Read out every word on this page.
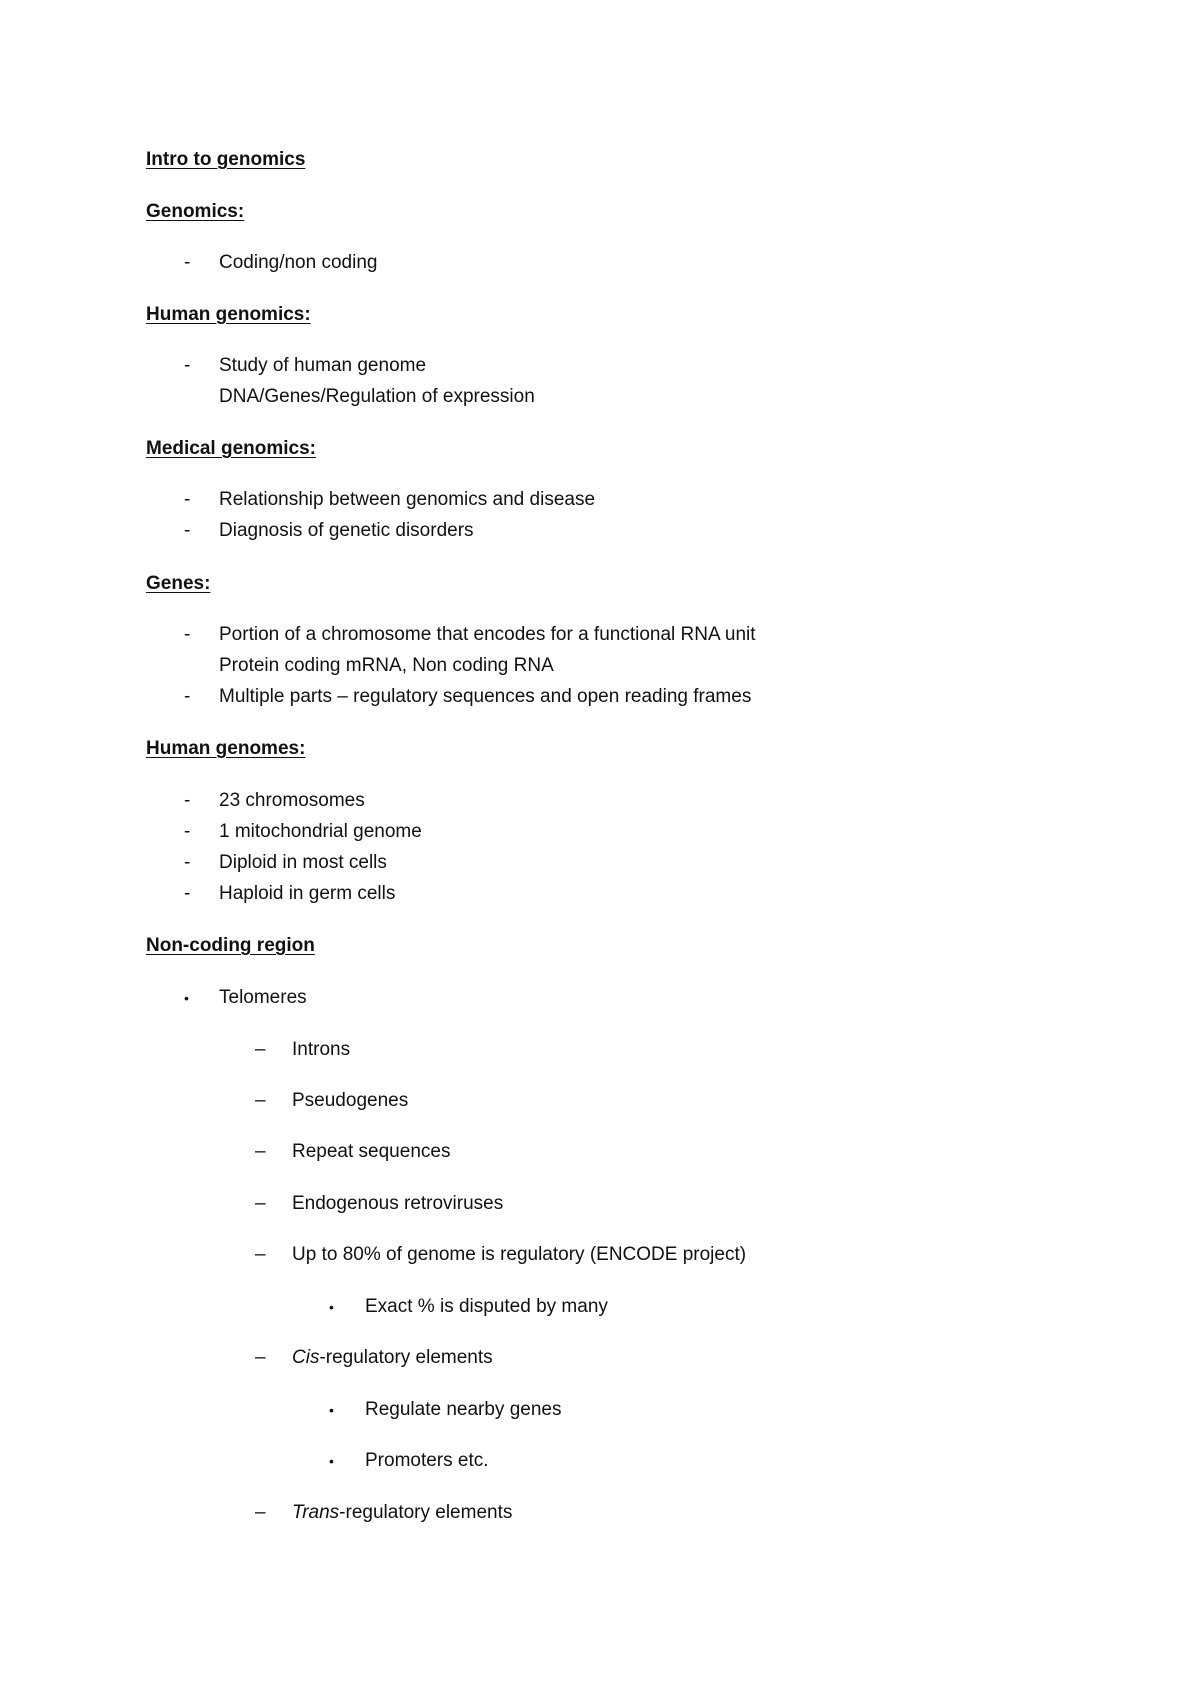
Intro to genomics
Genomics:
- Coding/non coding
Human genomics:
- Study of human genome
DNA/Genes/Regulation of expression
Medical genomics:
- Relationship between genomics and disease
- Diagnosis of genetic disorders
Genes:
- Portion of a chromosome that encodes for a functional RNA unit
Protein coding mRNA, Non coding RNA
- Multiple parts – regulatory sequences and open reading frames
Human genomes:
- 23 chromosomes
- 1 mitochondrial genome
- Diploid in most cells
- Haploid in germ cells
Non-coding region
• Telomeres
– Introns
– Pseudogenes
– Repeat sequences
– Endogenous retroviruses
– Up to 80% of genome is regulatory (ENCODE project)
• Exact % is disputed by many
– Cis-regulatory elements
• Regulate nearby genes
• Promoters etc.
– Trans-regulatory elements
